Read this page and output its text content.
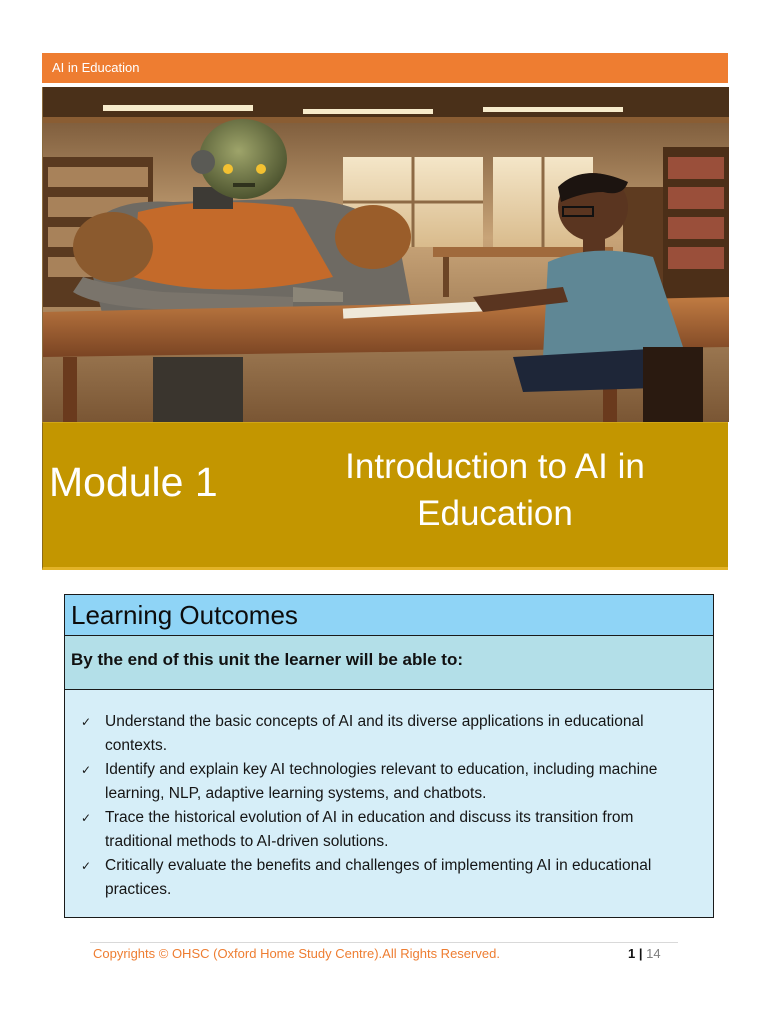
AI in Education
Module 1	Introduction to AI in
Education
Learning Outcomes
By the end of this unit the learner will be able to:
✓ Understand the basic concepts of AI and its diverse applications in educational
contexts.
✓ Identify and explain key AI technologies relevant to education, including machine
learning, NLP, adaptive learning systems, and chatbots.
✓ Trace the historical evolution of AI in education and discuss its transition from
traditional methods to AI-driven solutions.
✓ Critically evaluate the benefits and challenges of implementing AI in educational
practices.
Copyrights © OHSC (Oxford Home Study Centre).All Rights Reserved.	1 | 14
